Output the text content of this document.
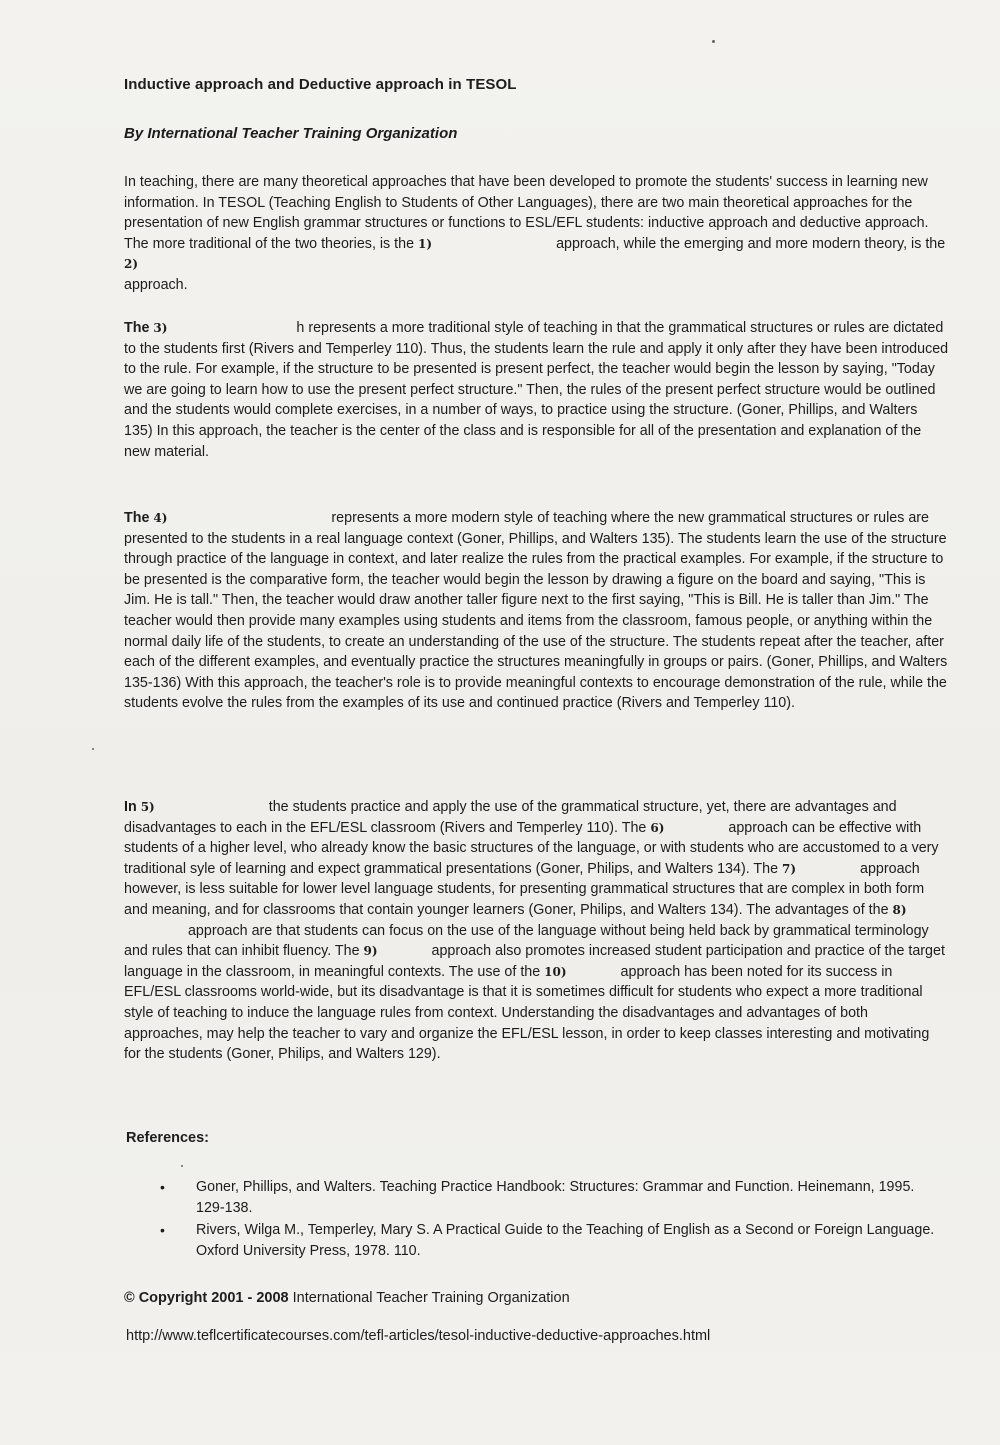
Inductive approach and Deductive approach in TESOL
By International Teacher Training Organization

In teaching, there are many theoretical approaches that have been developed to promote the students' success in learning new information. In TESOL (Teaching English to Students of Other Languages), there are two main theoretical approaches for the presentation of new English grammar structures or functions to ESL/EFL students: inductive approach and deductive approach. The more traditional of the two theories, is the 1)	approach, while the emerging and more modern theory, is the 2)
approach.

The 3)	h represents a more traditional style of teaching in that the grammatical structures or rules are dictated to the students first (Rivers and Temperley 110). Thus, the students learn the rule and apply it only after they have been introduced to the rule. For example, if the structure to be presented is present perfect, the teacher would begin the lesson by saying, "Today we are going to learn how to use the present perfect structure." Then, the rules of the present perfect structure would be outlined and the students would complete exercises, in a number of ways, to practice using the structure. (Goner, Phillips, and Walters 135) In this approach, the teacher is the center of the class and is responsible for all of the presentation and explanation of the new material.

The 4)	represents a more modern style of teaching where the new grammatical structures or rules are presented to the students in a real language context (Goner, Phillips, and Walters 135). The students learn the use of the structure through practice of the language in context, and later realize the rules from the practical examples. For example, if the structure to be presented is the comparative form, the teacher would begin the lesson by drawing a figure on the board and saying, "This is Jim. He is tall." Then, the teacher would draw another taller figure next to the first saying, "This is Bill. He is taller than Jim." The teacher would then provide many examples using students and items from the classroom, famous people, or anything within the normal daily life of the students, to create an understanding of the use of the structure. The students repeat after the teacher, after each of the different examples, and eventually practice the structures meaningfully in groups or pairs. (Goner, Phillips, and Walters 135-136) With this approach, the teacher's role is to provide meaningful contexts to encourage demonstration of the rule, while the students evolve the rules from the examples of its use and continued practice (Rivers and Temperley 110).

In 5)	the students practice and apply the use of the grammatical structure, yet, there are advantages and disadvantages to each in the EFL/ESL classroom (Rivers and Temperley 110). The 6)	approach can be effective with students of a higher level, who already know the basic structures of the language, or with students who are accustomed to a very traditional syle of learning and expect grammatical presentations (Goner, Philips, and Walters 134). The 7)	approach however, is less suitable for lower level language students, for presenting grammatical structures that are complex in both form and meaning, and for classrooms that contain younger learners (Goner, Philips, and Walters 134). The advantages of the 8) approach are that students can focus on the use of the language without being held back by grammatical terminology and rules that can inhibit fluency. The 9)	approach also promotes increased student participation and practice of the target language in the classroom, in meaningful contexts. The use of the 10)	approach has been noted for its success in EFL/ESL classrooms world-wide, but its disadvantage is that it is sometimes difficult for students who expect a more traditional style of teaching to induce the language rules from context. Understanding the disadvantages and advantages of both approaches, may help the teacher to vary and organize the EFL/ESL lesson, in order to keep classes interesting and motivating for the students (Goner, Philips, and Walters 129).

References:
• Goner, Phillips, and Walters. Teaching Practice Handbook: Structures: Grammar and Function. Heinemann, 1995. 129-138.
• Rivers, Wilga M., Temperley, Mary S. A Practical Guide to the Teaching of English as a Second or Foreign Language. Oxford University Press, 1978. 110.
© Copyright 2001 - 2008 International Teacher Training Organization
http://www.teflcertificatecourses.com/tefl-articles/tesol-inductive-deductive-approaches.html
